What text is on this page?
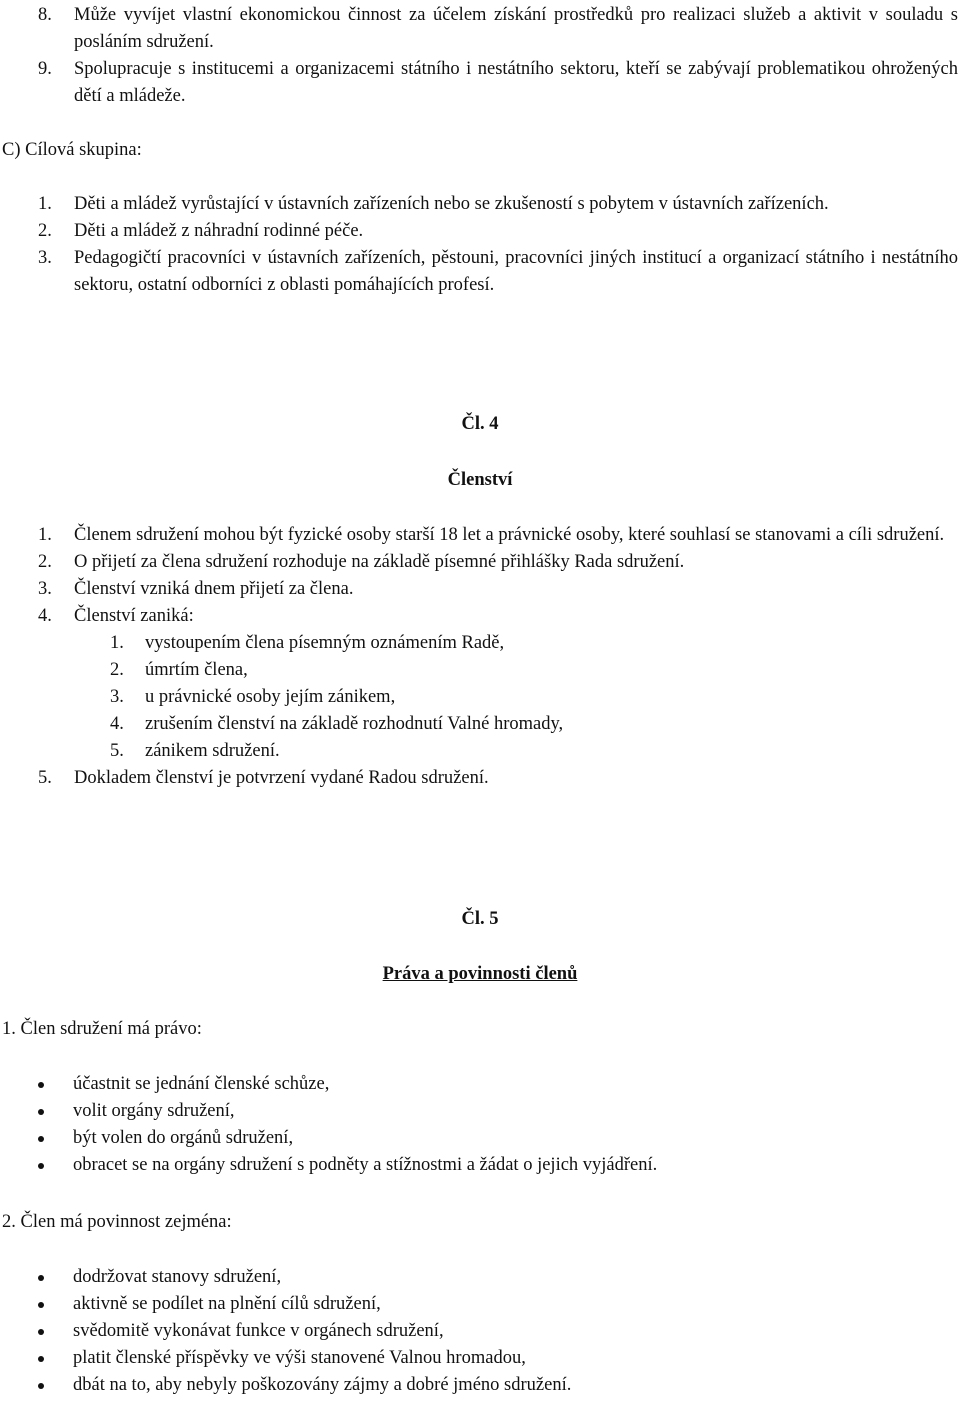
8. Může vyvíjet vlastní ekonomickou činnost za účelem získání prostředků pro realizaci služeb a aktivit v souladu s posláním sdružení.
9. Spolupracuje s institucemi a organizacemi státního i nestátního sektoru, kteří se zabývají problematikou ohrožených dětí a mládeže.
C) Cílová skupina:
1. Děti a mládež vyrůstající v ústavních zařízeních nebo se zkušeností s pobytem v ústavních zařízeních.
2. Děti a mládež z náhradní rodinné péče.
3. Pedagogičtí pracovníci v ústavních zařízeních, pěstouni, pracovníci jiných institucí a organizací státního i nestátního sektoru, ostatní odborníci z oblasti pomáhajících profesí.
Čl. 4
Členství
1. Členem sdružení mohou být fyzické osoby starší 18 let a právnické osoby, které souhlasí se stanovami a cíli sdružení.
2. O přijetí za člena sdružení rozhoduje na základě písemné přihlášky Rada sdružení.
3. Členství vzniká dnem přijetí za člena.
4. Členství zaniká:
1. vystoupením člena písemným oznámením Radě,
2. úmrtím člena,
3. u právnické osoby jejím zánikem,
4. zrušením členství na základě rozhodnutí Valné hromady,
5. zánikem sdružení.
5. Dokladem členství je potvrzení vydané Radou sdružení.
Čl. 5
Práva a povinnosti členů
1. Člen sdružení má právo:
účastnit se jednání členské schůze,
volit orgány sdružení,
být volen do orgánů sdružení,
obracet se na orgány sdružení s podněty a stížnostmi a žádat o jejich vyjádření.
2. Člen má povinnost zejména:
dodržovat stanovy sdružení,
aktivně se podílet na plnění cílů sdružení,
svědomitě vykonávat funkce v orgánech sdružení,
platit členské příspěvky ve výši stanovené Valnou hromadou,
dbát na to, aby nebyly poškozovány zájmy a dobré jméno sdružení.
